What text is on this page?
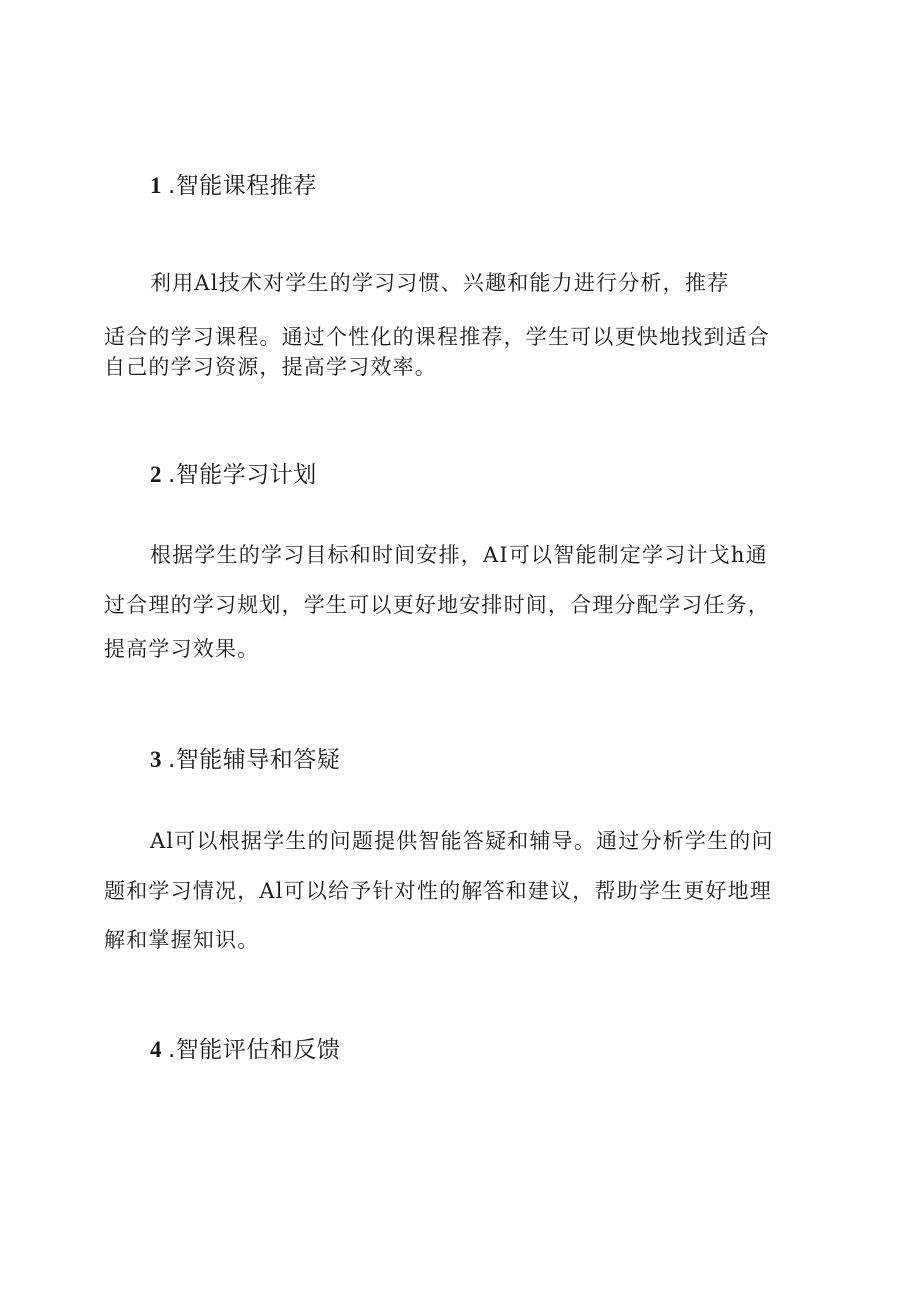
1 .智能课程推荐
利用Al技术对学生的学习习惯、兴趣和能力进行分析，推荐
适合的学习课程。通过个性化的课程推荐，学生可以更快地找到适合
自己的学习资源，提高学习效率。
2 .智能学习计划
根据学生的学习目标和时间安排，AI可以智能制定学习计戈h通
过合理的学习规划，学生可以更好地安排时间，合理分配学习任务，
提高学习效果。
3 .智能辅导和答疑
Al可以根据学生的问题提供智能答疑和辅导。通过分析学生的问
题和学习情况，Al可以给予针对性的解答和建议，帮助学生更好地理
解和掌握知识。
4 .智能评估和反馈
